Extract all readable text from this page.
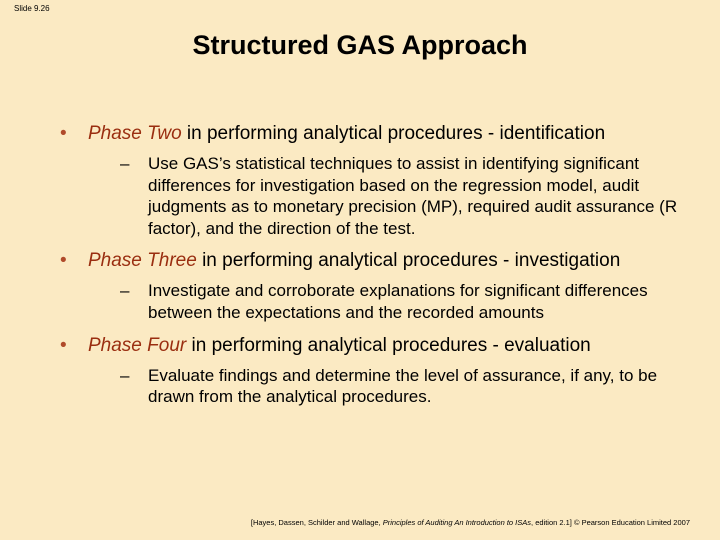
Slide 9.26
Structured GAS Approach
• Phase Two in performing analytical procedures - identification
– Use GAS’s statistical techniques to assist in identifying significant differences for investigation based on the regression model, audit judgments as to monetary precision (MP), required audit assurance (R factor), and the direction of the test.
• Phase Three in performing analytical procedures - investigation
– Investigate and corroborate explanations for significant differences between the expectations and the recorded amounts
• Phase Four in performing analytical procedures - evaluation
– Evaluate findings and determine the level of assurance, if any, to be drawn from the analytical procedures.
[Hayes, Dassen, Schilder and Wallage, Principles of Auditing An Introduction to ISAs, edition 2.1] © Pearson Education Limited 2007
